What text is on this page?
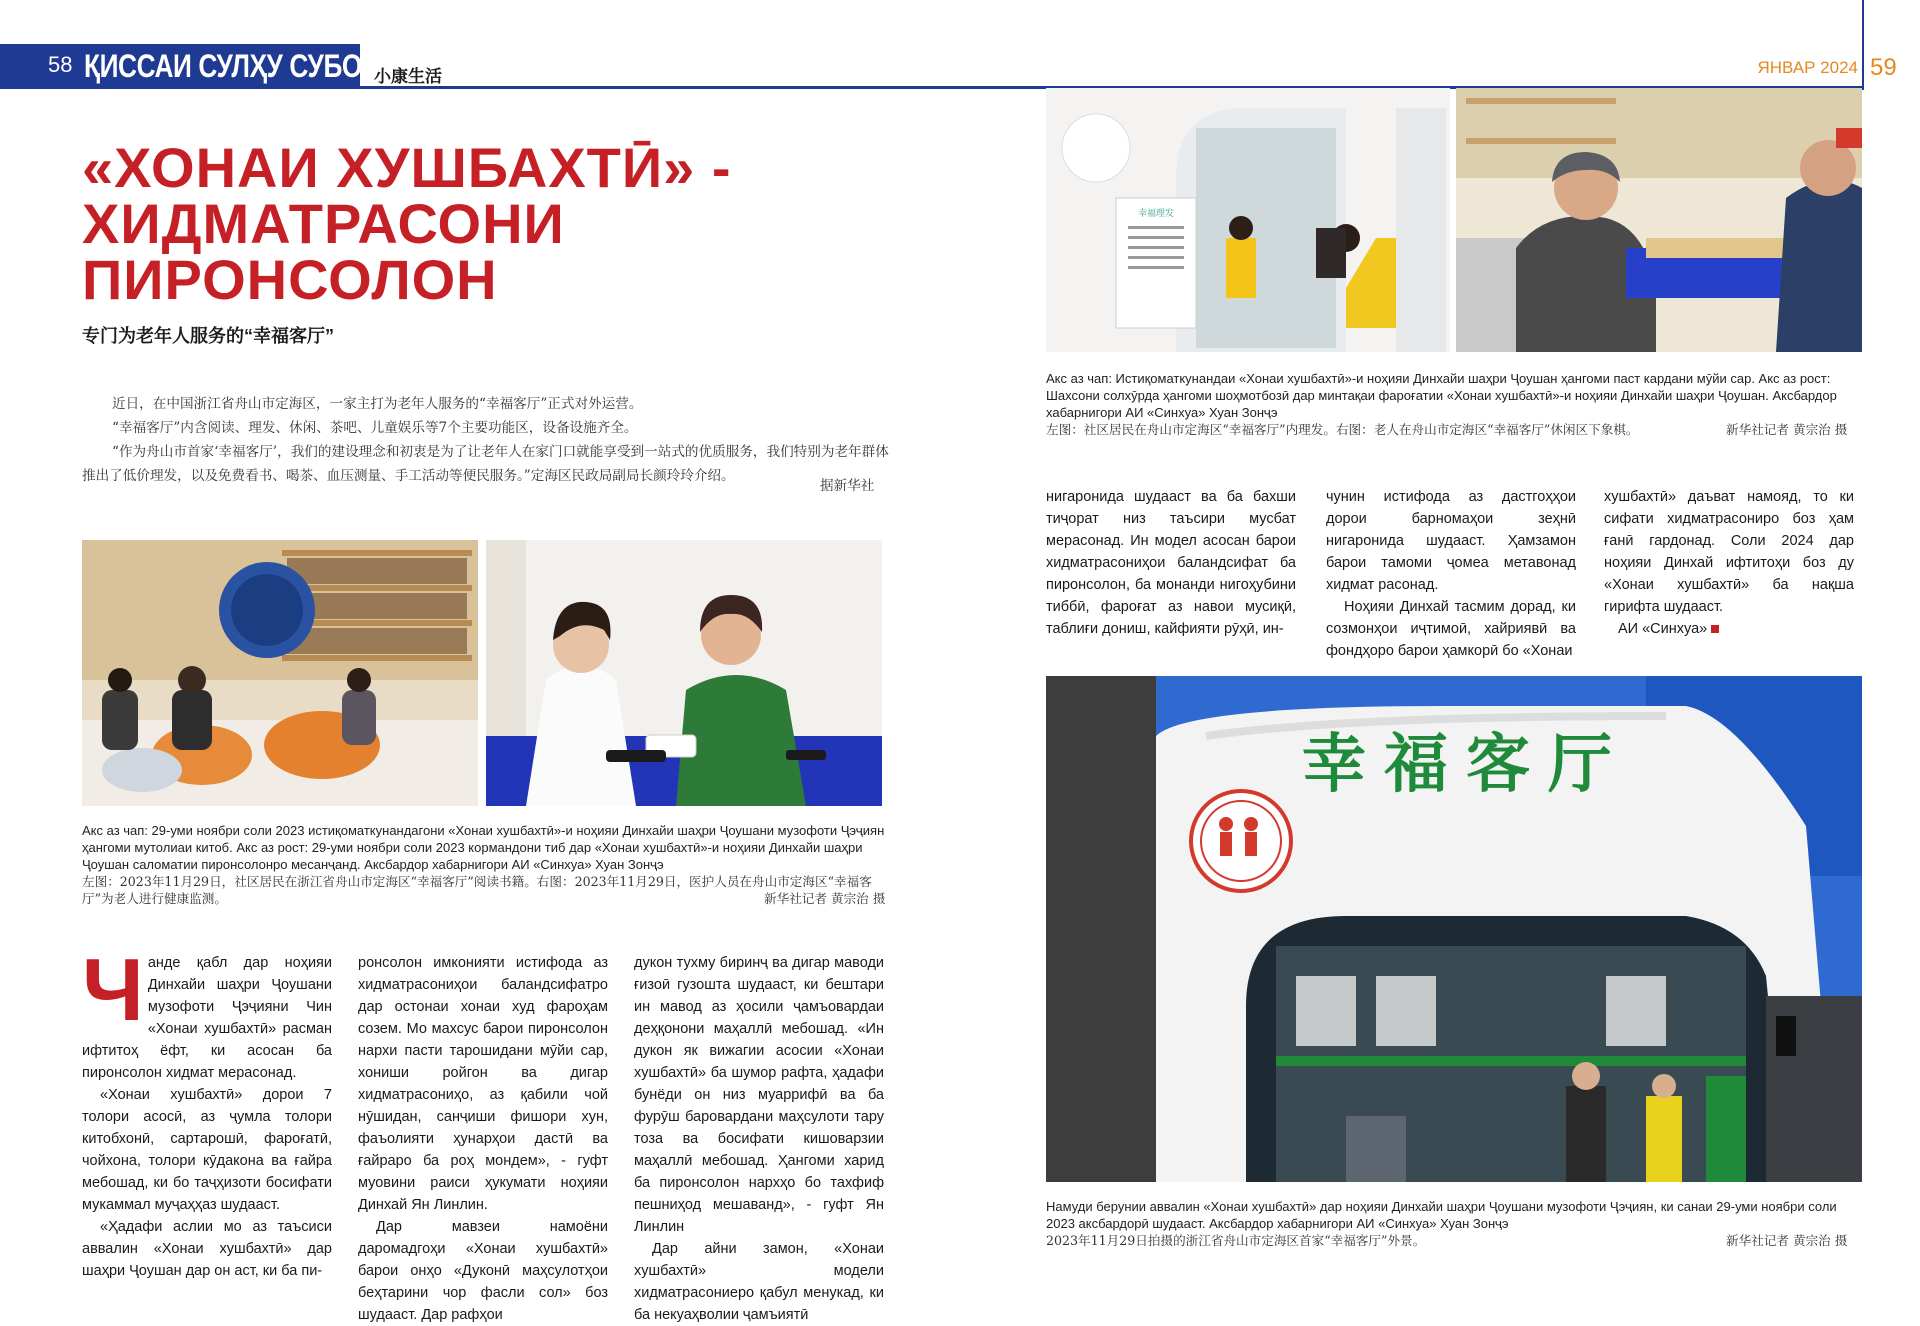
58 ҚИССАИ СУЛҲУ СУБОТ
小康生活	ЯНВАР 2024 59
«ХОНАИ ХУШБАХТӢ» - ХИДМАТРАСОНИ ПИРОНСОЛОН
专门为老年人服务的“幸福客厅”

近日，在中国浙江省舟山市定海区，一家主打为老年人服务的“幸福客厅”正式对外运营。

“幸福客厅”内含阅读、理发、休闲、茶吧、儿童娱乐等7个主要功能区，设备设施齐全。

“作为舟山市首家‘幸福客厅’，我们的建设理念和初衷是为了让老年人在家门口就能享受到一站式的优质服务，我们特别为老年群体推出了低价理发，以及免费看书、喝茶、血压测量、手工活动等便民服务。”定海区民政局副局长颜玲玲介绍。

据新华社
Акс аз чап: 29-уми ноябри соли 2023 истиқоматкунандагони «Хонаи хушбахтӣ»-и ноҳияи Динхайи шаҳри Ҷоушани музофоти Ҷэҷиян ҳангоми мутолиаи китоб. Акс аз рост: 29-уми ноябри соли 2023 кормандони тиб дар «Хонаи хушбахтӣ»-и ноҳияи Динхайи шаҳри Ҷоушан саломатии пиронсолонро месанҷанд. Аксбардор хабарнигори АИ «Синхуа» Хуан Зонҷэ
左图：2023年11月29日，社区居民在浙江省舟山市定海区“幸福客厅”阅读书籍。右图：2023年11月29日，医护人员在舟山市定海区“幸福客厅”为老人进行健康监测。	新华社记者 黄宗治 摄
Ч анде қабл дар ноҳияи Динхайи шаҳри Ҷоушани музофоти Ҷэҷияни Чин «Хонаи хушбахтӣ» расман ифтитоҳ ёфт, ки асосан ба пиронсолон хидмат мерасонад.

«Хонаи хушбахтӣ» дорои 7 толори асосӣ, аз ҷумла толори китобхонӣ, сартарошӣ, фароғатӣ, чойхона, толори кӯдакона ва ғайра мебошад, ки бо таҷҳизоти босифати мукаммал муҷаҳҳаз шудааст.

«Ҳадафи аслии мо аз таъсиси аввалин «Хонаи хушбахтӣ» дар шаҳри Ҷоушан дар он аст, ки ба пи-

ронсолон имконияти истифода аз хидматрасониҳои баландсифатро дар остонаи хонаи худ фароҳам созем. Мо махсус барои пиронсолон нархи пасти тарошидани мӯйи сар, хониши ройгон ва дигар хидматрасониҳо, аз қабили чой нӯшидан, санҷиши фишори хун, фаъолияти ҳунарҳои дастӣ ва ғайраро ба роҳ мондем», - гуфт муовини раиси ҳукумати ноҳияи Динхай Ян Линлин.

Дар мавзеи намоёни даромадгоҳи «Хонаи хушбахтӣ» барои онҳо «Дуконӣ маҳсулотҳои беҳтарини чор фасли сол» боз шудааст. Дар рафҳои

дукон тухму биринҷ ва дигар маводи ғизоӣ гузошта шудааст, ки бештари ин мавод аз ҳосили ҷамъовардаи деҳқонони маҳаллӣ мебошад. «Ин дукон як вижагии асосии «Хонаи хушбахтӣ» ба шумор рафта, ҳадафи бунёди он низ муаррифӣ ва ба фурӯш баровардани маҳсулоти тару тоза ва босифати кишоварзии маҳаллӣ мебошад. Ҳангоми харид ба пиронсолон нархҳо бо тахфиф пешниҳод мешаванд», - гуфт Ян Линлин

Дар айни замон, «Хонаи хушбахтӣ» модели хидматрасониеро қабул менукад, ки ба некуаҳволии ҷамъиятӣ

幸福理发
Акс аз чап: Истиқоматкунандаи «Хонаи хушбахтӣ»-и ноҳияи Динхайи шаҳри Ҷоушан ҳангоми паст кардани мӯйи сар. Акс аз рост: Шахсони солхӯрда ҳангоми шоҳмотбозӣ дар минтақаи фароғатии «Хонаи хушбахтӣ»-и ноҳияи Динхайи шаҳри Ҷоушан. Аксбардор хабарнигори АИ «Синхуа» Хуан Зонҷэ
左图：社区居民在舟山市定海区“幸福客厅”内理发。右图：老人在舟山市定海区“幸福客厅”休闲区下象棋。	新华社记者 黄宗治 摄

нигаронида шудааст ва ба бахши тиҷорат низ таъсири мусбат мерасонад. Ин модел асосан барои хидматрасониҳои баландсифат ба пиронсолон, ба монанди нигоҳубини тиббӣ, фароғат аз навои мусиқӣ, таблиғи дониш, кайфияти рӯҳӣ, ин-

чунин истифода аз дастгоҳҳои дорои барномаҳои зеҳнӣ нигаронида шудааст. Ҳамзамон барои тамоми ҷомеа метавонад хидмат расонад.

Ноҳияи Динхай тасмим дорад, ки созмонҳои иҷтимоӣ, хайриявӣ ва фондҳоро барои ҳамкорӣ бо «Хонаи

хушбахтӣ» даъват намояд, то ки сифати хидматрасониро боз ҳам ғанӣ гардонад. Соли 2024 дар ноҳияи Динхай ифтитоҳи боз ду «Хонаи хушбахтӣ» ба нақша гирифта шудааст.

АИ «Синхуа»

幸福客厅
Намуди берунии аввалин «Хонаи хушбахтӣ» дар ноҳияи Динхайи шаҳри Ҷоушани музофоти Ҷэҷиян, ки санаи 29-уми ноябри соли 2023 аксбардорӣ шудааст. Аксбардор хабарнигори АИ «Синхуа» Хуан Зонҷэ
2023年11月29日拍摄的浙江省舟山市定海区首家“幸福客厅”外景。	新华社记者 黄宗治 摄
